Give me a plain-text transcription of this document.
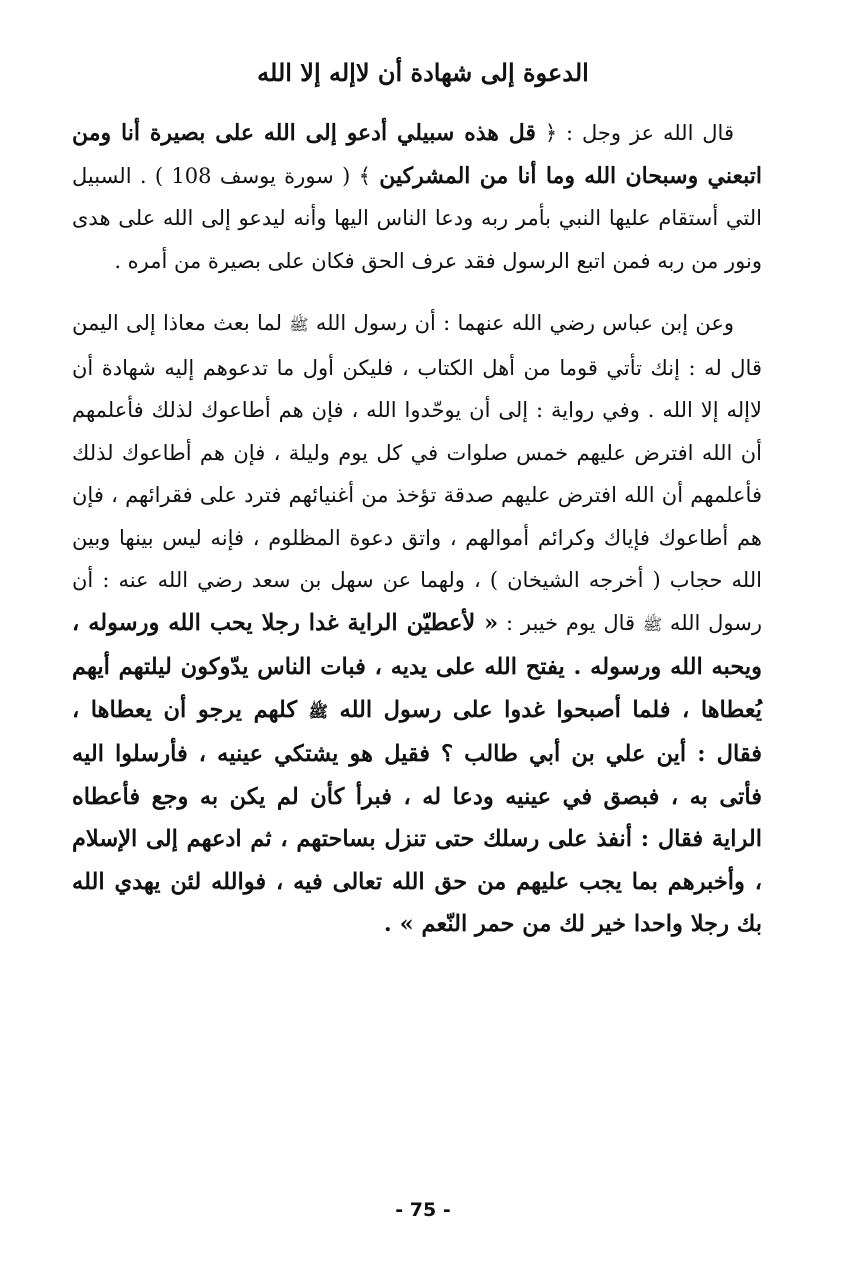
الدعوة إلى شهادة أن لاإله إلا الله

قال الله عز وجل : ﴿ قل هذه سبيلي أدعو إلى الله على بصيرة أنا ومن اتبعني وسبحان الله وما أنا من المشركين ﴾ ( سورة يوسف 108 ) . السبيل التي أستقام عليها النبي بأمر ربه ودعا الناس اليها وأنه ليدعو إلى الله على هدى ونور من ربه فمن اتبع الرسول فقد عرف الحق فكان على بصيرة من أمره .

وعن إبن عباس رضي الله عنهما : أن رسول الله ﷺ لما بعث معاذا إلى اليمن قال له : إنك تأتي قوما من أهل الكتاب ، فليكن أول ما تدعوهم إليه شهادة أن لاإله إلا الله . وفي رواية : إلى أن يوحّدوا الله ، فإن هم أطاعوك لذلك فأعلمهم أن الله افترض عليهم خمس صلوات في كل يوم وليلة ، فإن هم أطاعوك لذلك فأعلمهم أن الله افترض عليهم صدقة تؤخذ من أغنيائهم فترد على فقرائهم ، فإن هم أطاعوك فإياك وكرائم أموالهم ، واتق دعوة المظلوم ، فإنه ليس بينها وبين الله حجاب ( أخرجه الشيخان ) ، ولهما عن سهل بن سعد رضي الله عنه : أن رسول الله ﷺ قال يوم خيبر : « لأعطيّن الراية غدا رجلا يحب الله ورسوله ، ويحبه الله ورسوله . يفتح الله على يديه ، فبات الناس يدّوكون ليلتهم أيهم يُعطاها ، فلما أصبحوا غدوا على رسول الله ﷺ كلهم يرجو أن يعطاها ، فقال : أين علي بن أبي طالب ؟ فقيل هو يشتكي عينيه ، فأرسلوا اليه فأتى به ، فبصق في عينيه ودعا له ، فبرأ كأن لم يكن به وجع فأعطاه الراية فقال : أنفذ على رسلك حتى تنزل بساحتهم ، ثم ادعهم إلى الإسلام ، وأخبرهم بما يجب عليهم من حق الله تعالى فيه ، فوالله لئن يهدي الله بك رجلا واحدا خير لك من حمر النّعم » .

- 75 -
